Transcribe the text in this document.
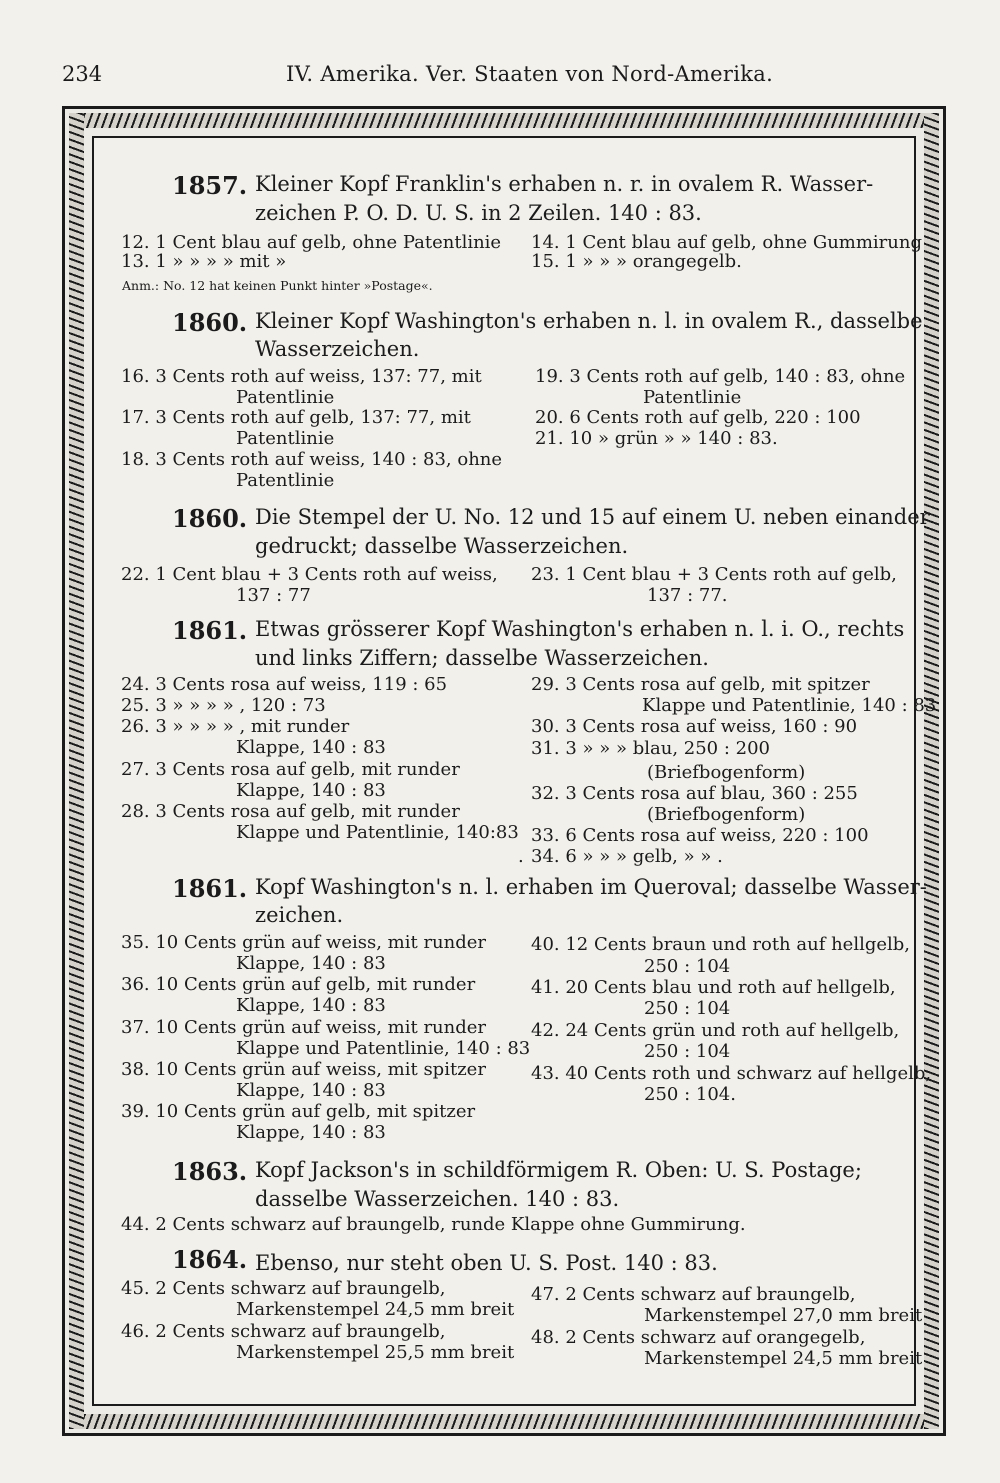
234	IV. Amerika. Ver. Staaten von Nord-Amerika.
1857. Kleiner Kopf Franklin's erhaben n. r. in ovalem R. Wasser-
zeichen P. O. D. U. S. in 2 Zeilen. 140 : 83.
12. 1 Cent blau auf gelb, ohne Patentlinie
13. 1 » » » » mit »
14. 1 Cent blau auf gelb, ohne Gummirung
15. 1 » » » orangegelb.
Anm.: No. 12 hat keinen Punkt hinter »Postage«.
1860. Kleiner Kopf Washington's erhaben n. l. in ovalem R., dasselbe
Wasserzeichen.
16. 3 Cents roth auf weiss, 137: 77, mit
Patentlinie
17. 3 Cents roth auf gelb, 137: 77, mit
Patentlinie
18. 3 Cents roth auf weiss, 140 : 83, ohne
Patentlinie
19. 3 Cents roth auf gelb, 140 : 83, ohne
Patentlinie
20. 6 Cents roth auf gelb, 220 : 100
21. 10 » grün » » 140 : 83.
1860. Die Stempel der U. No. 12 und 15 auf einem U. neben einander
gedruckt; dasselbe Wasserzeichen.
22. 1 Cent blau + 3 Cents roth auf weiss,
137 : 77
23. 1 Cent blau + 3 Cents roth auf gelb,
137 : 77.
1861. Etwas grösserer Kopf Washington's erhaben n. l. i. O., rechts
und links Ziffern; dasselbe Wasserzeichen.
24. 3 Cents rosa auf weiss, 119 : 65
25. 3 » » » » , 120 : 73
26. 3 » » » » , mit runder
Klappe, 140 : 83
27. 3 Cents rosa auf gelb, mit runder
Klappe, 140 : 83
28. 3 Cents rosa auf gelb, mit runder
Klappe und Patentlinie, 140:83
29. 3 Cents rosa auf gelb, mit spitzer
Klappe und Patentlinie, 140 : 83
30. 3 Cents rosa auf weiss, 160 : 90
31. 3 » » » blau, 250 : 200
(Briefbogenform)
32. 3 Cents rosa auf blau, 360 : 255
(Briefbogenform)
33. 6 Cents rosa auf weiss, 220 : 100
34. 6 » » » gelb, » » .
.
1861. Kopf Washington's n. l. erhaben im Queroval; dasselbe Wasser-
zeichen.
35. 10 Cents grün auf weiss, mit runder
Klappe, 140 : 83
36. 10 Cents grün auf gelb, mit runder
Klappe, 140 : 83
37. 10 Cents grün auf weiss, mit runder
Klappe und Patentlinie, 140 : 83
38. 10 Cents grün auf weiss, mit spitzer
Klappe, 140 : 83
39. 10 Cents grün auf gelb, mit spitzer
Klappe, 140 : 83
40. 12 Cents braun und roth auf hellgelb,
250 : 104
41. 20 Cents blau und roth auf hellgelb,
250 : 104
42. 24 Cents grün und roth auf hellgelb,
250 : 104
43. 40 Cents roth und schwarz auf hellgelb,
250 : 104.
1863. Kopf Jackson's in schildförmigem R. Oben: U. S. Postage;
dasselbe Wasserzeichen. 140 : 83.
44. 2 Cents schwarz auf braungelb, runde Klappe ohne Gummirung.
1864. Ebenso, nur steht oben U. S. Post. 140 : 83.
45. 2 Cents schwarz auf braungelb,
Markenstempel 24,5 mm breit
46. 2 Cents schwarz auf braungelb,
Markenstempel 25,5 mm breit
47. 2 Cents schwarz auf braungelb,
Markenstempel 27,0 mm breit
48. 2 Cents schwarz auf orangegelb,
Markenstempel 24,5 mm breit
